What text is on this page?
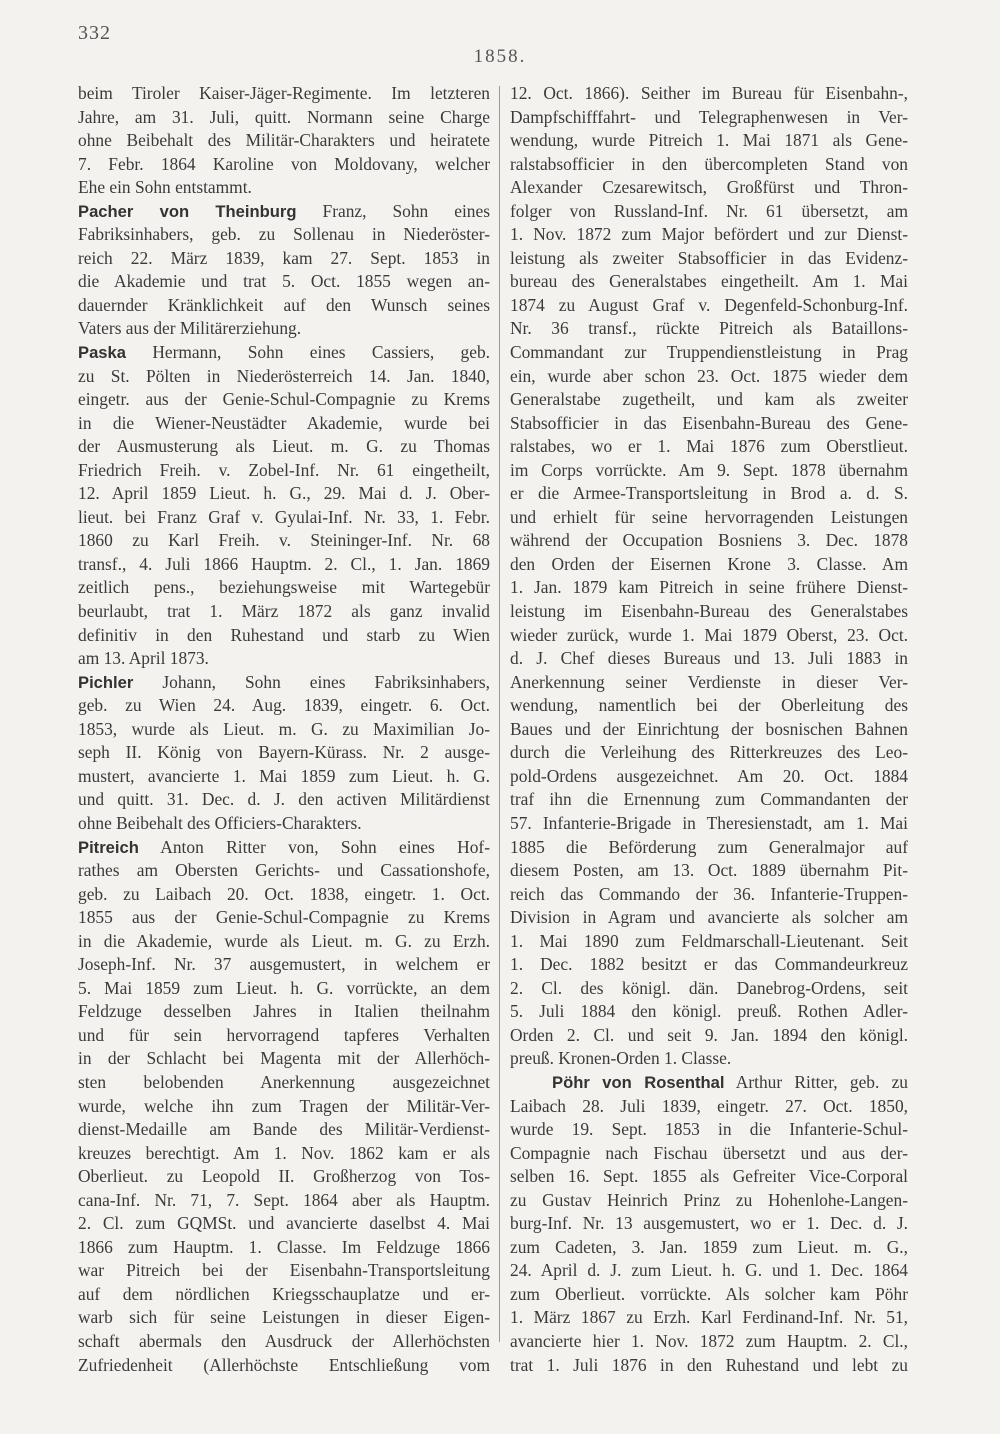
332
1858.
beim Tiroler Kaiser-Jäger-Regimente. Im letzteren
Jahre, am 31. Juli, quitt. Normann seine Charge
ohne Beibehalt des Militär-Charakters und heiratete
7. Febr. 1864 Karoline von Moldovany, welcher
Ehe ein Sohn entstammt.
Pacher von Theinburg Franz, Sohn eines
Fabriksinhabers, geb. zu Sollenau in Niederöster-
reich 22. März 1839, kam 27. Sept. 1853 in
die Akademie und trat 5. Oct. 1855 wegen an-
dauernder Kränklichkeit auf den Wunsch seines
Vaters aus der Militärerziehung.
Paska Hermann, Sohn eines Cassiers, geb.
zu St. Pölten in Niederösterreich 14. Jan. 1840,
eingetr. aus der Genie-Schul-Compagnie zu Krems
in die Wiener-Neustädter Akademie, wurde bei
der Ausmusterung als Lieut. m. G. zu Thomas
Friedrich Freih. v. Zobel-Inf. Nr. 61 eingetheilt,
12. April 1859 Lieut. h. G., 29. Mai d. J. Ober-
lieut. bei Franz Graf v. Gyulai-Inf. Nr. 33, 1. Febr.
1860 zu Karl Freih. v. Steininger-Inf. Nr. 68
transf., 4. Juli 1866 Hauptm. 2. Cl., 1. Jan. 1869
zeitlich pens., beziehungsweise mit Wartegebür
beurlaubt, trat 1. März 1872 als ganz invalid
definitiv in den Ruhestand und starb zu Wien
am 13. April 1873.
Pichler Johann, Sohn eines Fabriksinhabers,
geb. zu Wien 24. Aug. 1839, eingetr. 6. Oct.
1853, wurde als Lieut. m. G. zu Maximilian Jo-
seph II. König von Bayern-Kürass. Nr. 2 ausge-
mustert, avancierte 1. Mai 1859 zum Lieut. h. G.
und quitt. 31. Dec. d. J. den activen Militärdienst
ohne Beibehalt des Officiers-Charakters.
Pitreich Anton Ritter von, Sohn eines Hof-
rathes am Obersten Gerichts- und Cassationshofe,
geb. zu Laibach 20. Oct. 1838, eingetr. 1. Oct.
1855 aus der Genie-Schul-Compagnie zu Krems
in die Akademie, wurde als Lieut. m. G. zu Erzh.
Joseph-Inf. Nr. 37 ausgemustert, in welchem er
5. Mai 1859 zum Lieut. h. G. vorrückte, an dem
Feldzuge desselben Jahres in Italien theilnahm
und für sein hervorragend tapferes Verhalten
in der Schlacht bei Magenta mit der Allerhöch-
sten belobenden Anerkennung ausgezeichnet
wurde, welche ihn zum Tragen der Militär-Ver-
dienst-Medaille am Bande des Militär-Verdienst-
kreuzes berechtigt. Am 1. Nov. 1862 kam er als
Oberlieut. zu Leopold II. Großherzog von Tos-
cana-Inf. Nr. 71, 7. Sept. 1864 aber als Hauptm.
2. Cl. zum GQMSt. und avancierte daselbst 4. Mai
1866 zum Hauptm. 1. Classe. Im Feldzuge 1866
war Pitreich bei der Eisenbahn-Transportsleitung
auf dem nördlichen Kriegsschauplatze und er-
warb sich für seine Leistungen in dieser Eigen-
schaft abermals den Ausdruck der Allerhöchsten
Zufriedenheit (Allerhöchste Entschließung vom
12. Oct. 1866). Seither im Bureau für Eisenbahn-,
Dampfschifffahrt- und Telegraphenwesen in Ver-
wendung, wurde Pitreich 1. Mai 1871 als Gene-
ralstabsofficier in den übercompleten Stand von
Alexander Czesarewitsch, Großfürst und Thron-
folger von Russland-Inf. Nr. 61 übersetzt, am
1. Nov. 1872 zum Major befördert und zur Dienst-
leistung als zweiter Stabsofficier in das Evidenz-
bureau des Generalstabes eingetheilt. Am 1. Mai
1874 zu August Graf v. Degenfeld-Schonburg-Inf.
Nr. 36 transf., rückte Pitreich als Bataillons-
Commandant zur Truppendienstleistung in Prag
ein, wurde aber schon 23. Oct. 1875 wieder dem
Generalstabe zugetheilt, und kam als zweiter
Stabsofficier in das Eisenbahn-Bureau des Gene-
ralstabes, wo er 1. Mai 1876 zum Oberstlieut.
im Corps vorrückte. Am 9. Sept. 1878 übernahm
er die Armee-Transportsleitung in Brod a. d. S.
und erhielt für seine hervorragenden Leistungen
während der Occupation Bosniens 3. Dec. 1878
den Orden der Eisernen Krone 3. Classe. Am
1. Jan. 1879 kam Pitreich in seine frühere Dienst-
leistung im Eisenbahn-Bureau des Generalstabes
wieder zurück, wurde 1. Mai 1879 Oberst, 23. Oct.
d. J. Chef dieses Bureaus und 13. Juli 1883 in
Anerkennung seiner Verdienste in dieser Ver-
wendung, namentlich bei der Oberleitung des
Baues und der Einrichtung der bosnischen Bahnen
durch die Verleihung des Ritterkreuzes des Leo-
pold-Ordens ausgezeichnet. Am 20. Oct. 1884
traf ihn die Ernennung zum Commandanten der
57. Infanterie-Brigade in Theresienstadt, am 1. Mai
1885 die Beförderung zum Generalmajor auf
diesem Posten, am 13. Oct. 1889 übernahm Pit-
reich das Commando der 36. Infanterie-Truppen-
Division in Agram und avancierte als solcher am
1. Mai 1890 zum Feldmarschall-Lieutenant. Seit
1. Dec. 1882 besitzt er das Commandeurkreuz
2. Cl. des königl. dän. Danebrog-Ordens, seit
5. Juli 1884 den königl. preuß. Rothen Adler-
Orden 2. Cl. und seit 9. Jan. 1894 den königl.
preuß. Kronen-Orden 1. Classe.
Pöhr von Rosenthal Arthur Ritter, geb. zu
Laibach 28. Juli 1839, eingetr. 27. Oct. 1850,
wurde 19. Sept. 1853 in die Infanterie-Schul-
Compagnie nach Fischau übersetzt und aus der-
selben 16. Sept. 1855 als Gefreiter Vice-Corporal
zu Gustav Heinrich Prinz zu Hohenlohe-Langen-
burg-Inf. Nr. 13 ausgemustert, wo er 1. Dec. d. J.
zum Cadeten, 3. Jan. 1859 zum Lieut. m. G.,
24. April d. J. zum Lieut. h. G. und 1. Dec. 1864
zum Oberlieut. vorrückte. Als solcher kam Pöhr
1. März 1867 zu Erzh. Karl Ferdinand-Inf. Nr. 51,
avancierte hier 1. Nov. 1872 zum Hauptm. 2. Cl.,
trat 1. Juli 1876 in den Ruhestand und lebt zu
